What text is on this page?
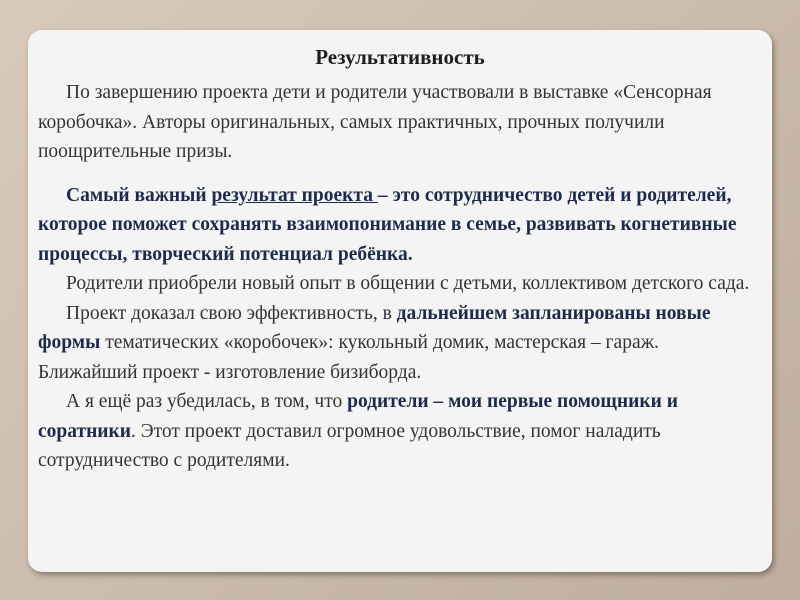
Результативность

По завершению проекта дети и родители участвовали в выставке «Сенсорная коробочка». Авторы оригинальных, самых практичных, прочных получили поощрительные призы.

Самый важный результат проекта – это сотрудничество детей и родителей, которое поможет сохранять взаимопонимание в семье, развивать когнетивные процессы, творческий потенциал ребёнка.

Родители приобрели новый опыт в общении с детьми, коллективом детского сада.

Проект доказал свою эффективность, в дальнейшем запланированы новые формы тематических «коробочек»: кукольный домик, мастерская – гараж. Ближайший проект - изготовление бизиборда.

А я ещё раз убедилась, в том, что родители – мои первые помощники и соратники. Этот проект доставил огромное удовольствие, помог наладить сотрудничество с родителями.
